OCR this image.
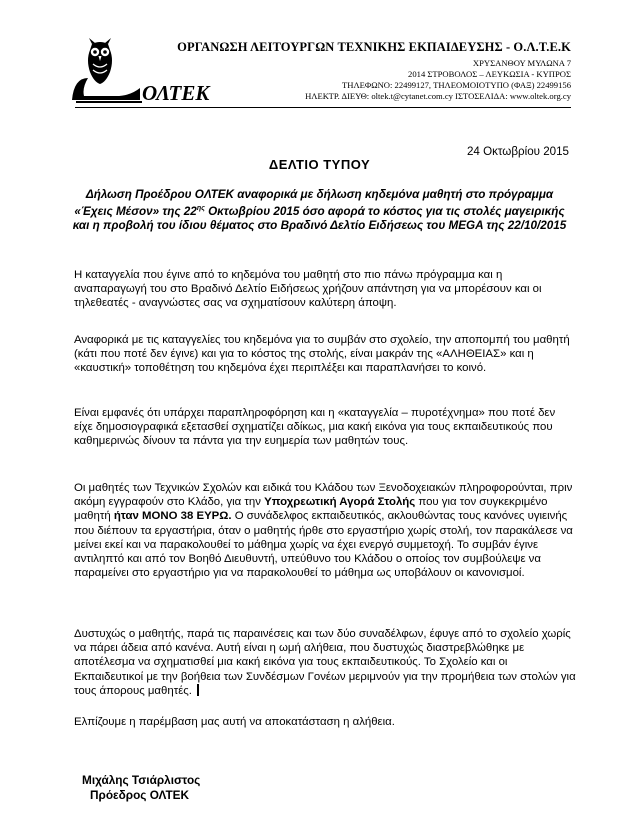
ΟΛΤΕΚ
ΟΡΓΑΝΩΣΗ ΛΕΙΤΟΥΡΓΩΝ ΤΕΧΝΙΚΗΣ ΕΚΠΑΙΔΕΥΣΗΣ - Ο.Λ.Τ.Ε.Κ
ΧΡΥΣΑΝΘΟΥ ΜΥΛΩΝΑ 7
2014 ΣΤΡΟΒΟΛΟΣ – ΛΕΥΚΩΣΙΑ - ΚΥΠΡΟΣ
ΤΗΛΕΦΩΝΟ: 22499127, ΤΗΛΕΟΜΟΙΟΤΥΠΟ (ΦΑΞ) 22499156
ΗΛΕΚΤΡ. ΔΙΕΥΘ: oltek.t@cytanet.com.cy ΙΣΤΟΣΕΛΙΔΑ: www.oltek.org.cy
24 Οκτωβρίου 2015
ΔΕΛΤΙΟ ΤΥΠΟΥ
Δήλωση Προέδρου ΟΛΤΕΚ αναφορικά με δήλωση κηδεμόνα μαθητή στο πρόγραμμα «Έχεις Μέσον» της $22^{\eta\varsigma}$ Οκτωβρίου 2015 όσο αφορά το κόστος για τις στολές μαγειρικής και η προβολή του ίδιου θέματος στο Βραδινό Δελτίο Ειδήσεως του MEGA της 22/10/2015
Η καταγγελία που έγινε από το κηδεμόνα του μαθητή στο πιο πάνω πρόγραμμα και η αναπαραγωγή του στο Βραδινό Δελτίο Ειδήσεως χρήζουν απάντηση για να μπορέσουν και οι τηλεθεατές - αναγνώστες σας να σχηματίσουν καλύτερη άποψη.
Αναφορικά με τις καταγγελίες του κηδεμόνα για το συμβάν στο σχολείο, την αποπομπή του μαθητή (κάτι που ποτέ δεν έγινε) και για το κόστος της στολής, είναι μακράν της «ΑΛΗΘΕΙΑΣ» και η «καυστική» τοποθέτηση του κηδεμόνα έχει περιπλέξει και παραπλανήσει το κοινό.
Είναι εμφανές ότι υπάρχει παραπληροφόρηση και η «καταγγελία – πυροτέχνημα» που ποτέ δεν είχε δημοσιογραφικά εξετασθεί σχηματίζει αδίκως, μια κακή εικόνα για τους εκπαιδευτικούς που καθημερινώς δίνουν τα πάντα για την ευημερία των μαθητών τους.
Οι μαθητές των Τεχνικών Σχολών και ειδικά του Κλάδου των Ξενοδοχειακών πληροφορούνται, πριν ακόμη εγγραφούν στο Κλάδο, για την Υποχρεωτική Αγορά Στολής που για τον συγκεκριμένο μαθητή ήταν ΜΟΝΟ 38 ΕΥΡΩ. Ο συνάδελφος εκπαιδευτικός, ακλουθώντας τους κανόνες υγιεινής που διέπουν τα εργαστήρια, όταν ο μαθητής ήρθε στο εργαστήριο χωρίς στολή, τον παρακάλεσε να μείνει εκεί και να παρακολουθεί το μάθημα χωρίς να έχει ενεργό συμμετοχή. Το συμβάν έγινε αντιληπτό και από τον Βοηθό Διευθυντή, υπεύθυνο του Κλάδου ο οποίος τον συμβούλεψε να παραμείνει στο εργαστήριο για να παρακολουθεί το μάθημα ως υποβάλουν οι κανονισμοί.
Δυστυχώς ο μαθητής, παρά τις παραινέσεις και των δύο συναδέλφων, έφυγε από το σχολείο χωρίς να πάρει άδεια από κανένα. Αυτή είναι η ωμή αλήθεια, που δυστυχώς διαστρεβλώθηκε με αποτέλεσμα να σχηματισθεί μια κακή εικόνα για τους εκπαιδευτικούς. Το Σχολείο και οι Εκπαιδευτικοί με την βοήθεια των Συνδέσμων Γονέων μεριμνούν για την προμήθεια των στολών για τους άπορους μαθητές.
Ελπίζουμε η παρέμβαση μας αυτή να αποκατάσταση η αλήθεια.
Μιχάλης Τσιάρλιστος
Πρόεδρος ΟΛΤΕΚ
